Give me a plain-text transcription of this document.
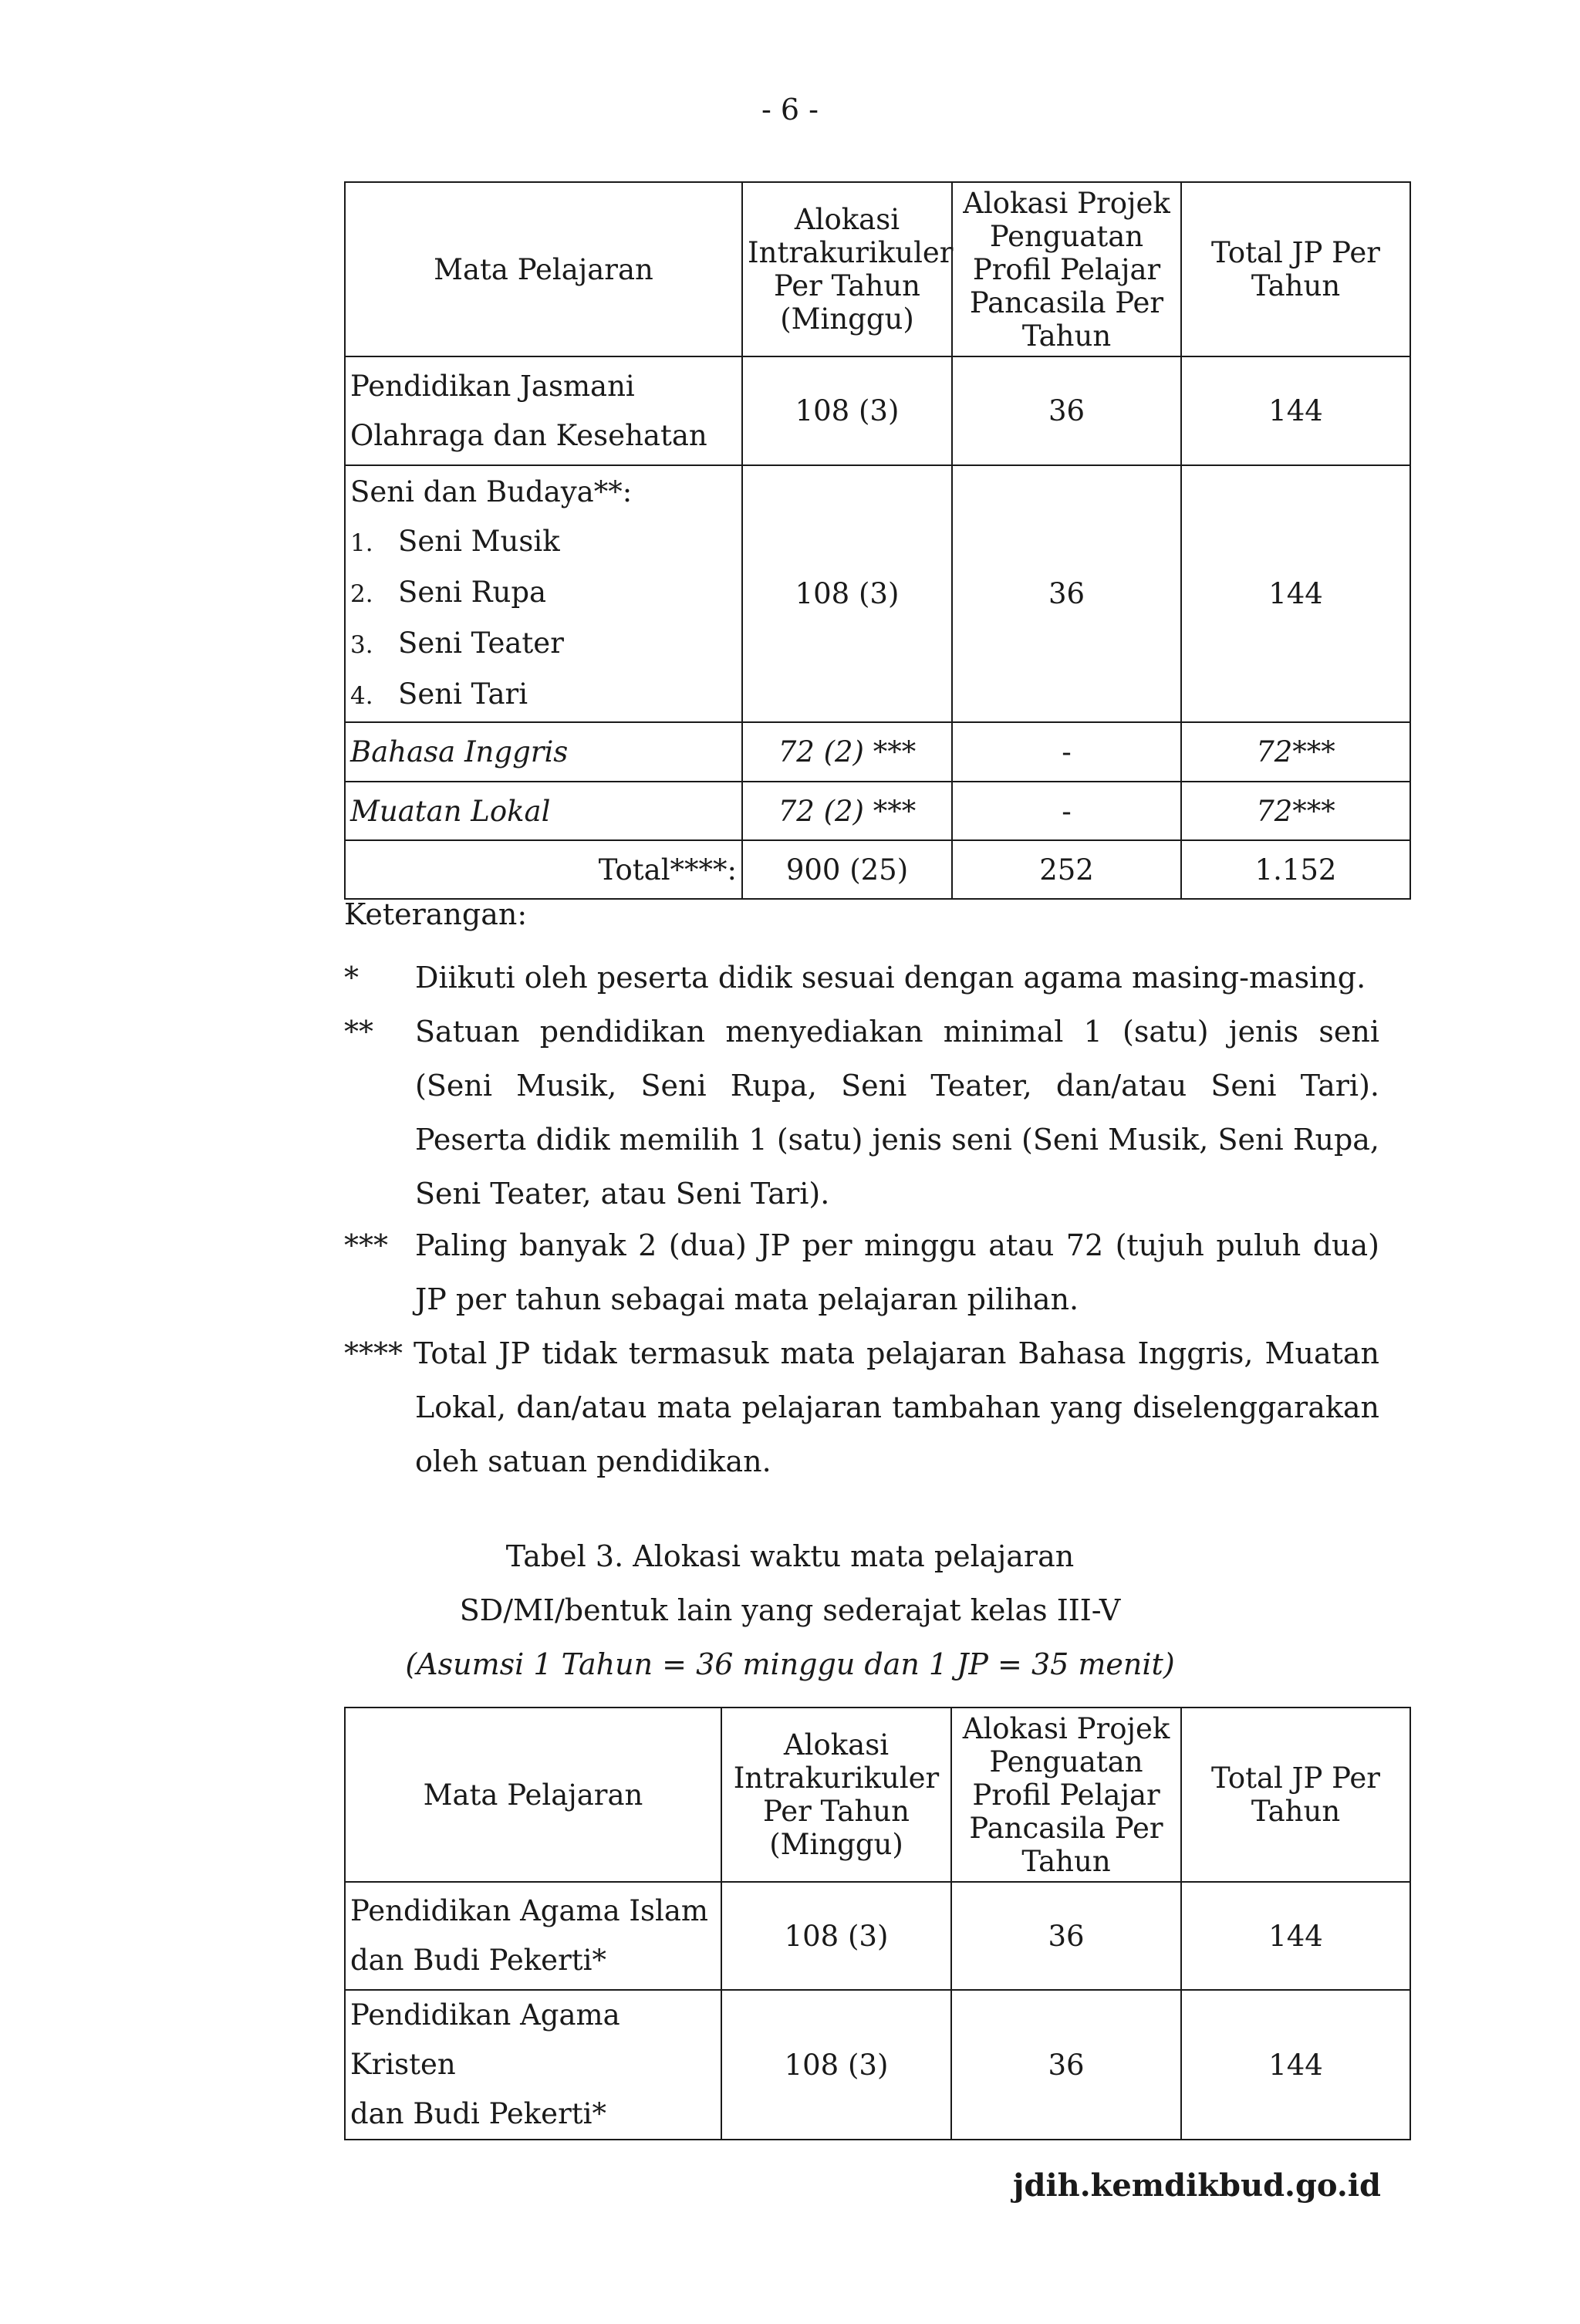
- 6 -
Mata Pelajaran	Alokasi Intrakurikuler Per Tahun (Minggu)	Alokasi Projek Penguatan Profil Pelajar Pancasila Per Tahun	Total JP Per Tahun

Pendidikan Jasmani
Olahraga dan Kesehatan	108 (3)	36	144

Seni dan Budaya**:
1. Seni Musik
2. Seni Rupa
3. Seni Teater
4. Seni Tari	108 (3)	36	144
Bahasa Inggris	72 (2) ***	-	72***
Muatan Lokal	72 (2) ***	-	72***
Total****:	900 (25)	252	1.152
Keterangan:
*	Diikuti oleh peserta didik sesuai dengan agama masing-masing.
**	Satuan pendidikan menyediakan minimal 1 (satu) jenis seni (Seni Musik, Seni Rupa, Seni Teater, dan/atau Seni Tari). Peserta didik memilih 1 (satu) jenis seni (Seni Musik, Seni Rupa, Seni Teater, atau Seni Tari).
*** Paling banyak 2 (dua) JP per minggu atau 72 (tujuh puluh dua) JP per tahun sebagai mata pelajaran pilihan.
**** Total JP tidak termasuk mata pelajaran Bahasa Inggris, Muatan Lokal, dan/atau mata pelajaran tambahan yang diselenggarakan oleh satuan pendidikan.
Tabel 3. Alokasi waktu mata pelajaran
SD/MI/bentuk lain yang sederajat kelas III-V
(Asumsi 1 Tahun = 36 minggu dan 1 JP = 35 menit)
Mata Pelajaran	Alokasi Intrakurikuler Per Tahun (Minggu)	Alokasi Projek Penguatan Profil Pelajar Pancasila Per Tahun	Total JP Per Tahun

Pendidikan Agama Islam
dan Budi Pekerti*	108 (3)	36	144

Pendidikan Agama Kristen
dan Budi Pekerti*	108 (3)	36	144
jdih.kemdikbud.go.id
